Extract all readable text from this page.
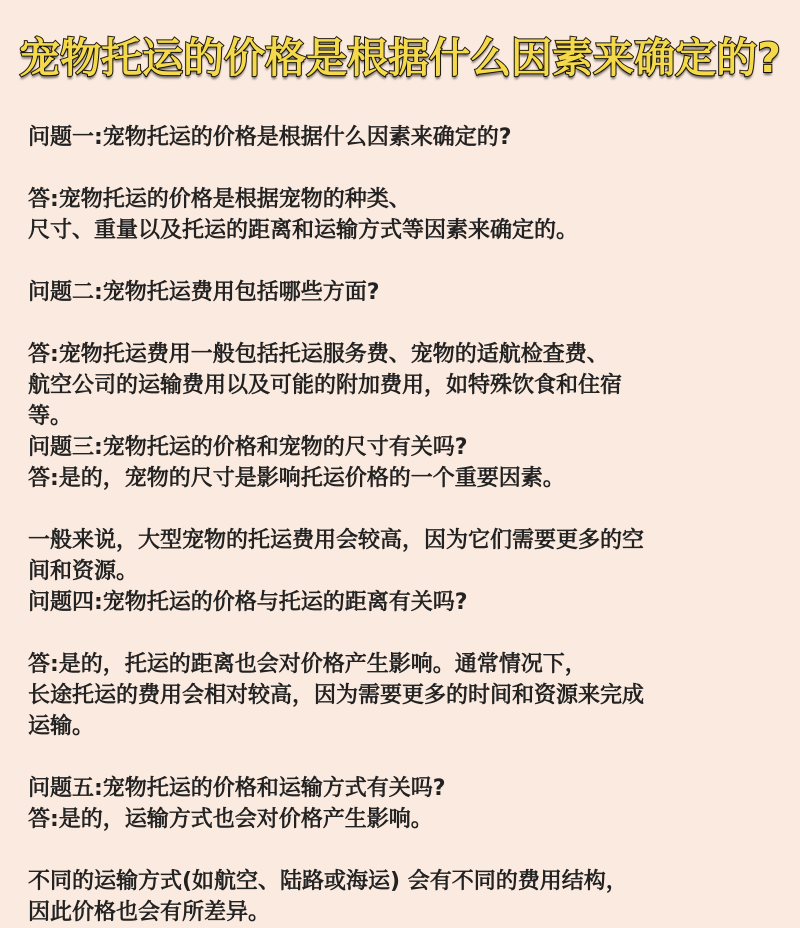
宠物托运的价格是根据什么因素来确定的?
问题一:宠物托运的价格是根据什么因素来确定的?
答:宠物托运的价格是根据宠物的种类、
尺寸、重量以及托运的距离和运输方式等因素来确定的。
问题二:宠物托运费用包括哪些方面?
答:宠物托运费用一般包括托运服务费、宠物的适航检查费、
航空公司的运输费用以及可能的附加费用，如特殊饮食和住宿
等。
问题三:宠物托运的价格和宠物的尺寸有关吗?
答:是的，宠物的尺寸是影响托运价格的一个重要因素。
一般来说，大型宠物的托运费用会较高，因为它们需要更多的空
间和资源。
问题四:宠物托运的价格与托运的距离有关吗?
答:是的，托运的距离也会对价格产生影响。通常情况下，
长途托运的费用会相对较高，因为需要更多的时间和资源来完成
运输。
问题五:宠物托运的价格和运输方式有关吗?
答:是的，运输方式也会对价格产生影响。
不同的运输方式(如航空、陆路或海运) 会有不同的费用结构，
因此价格也会有所差异。
